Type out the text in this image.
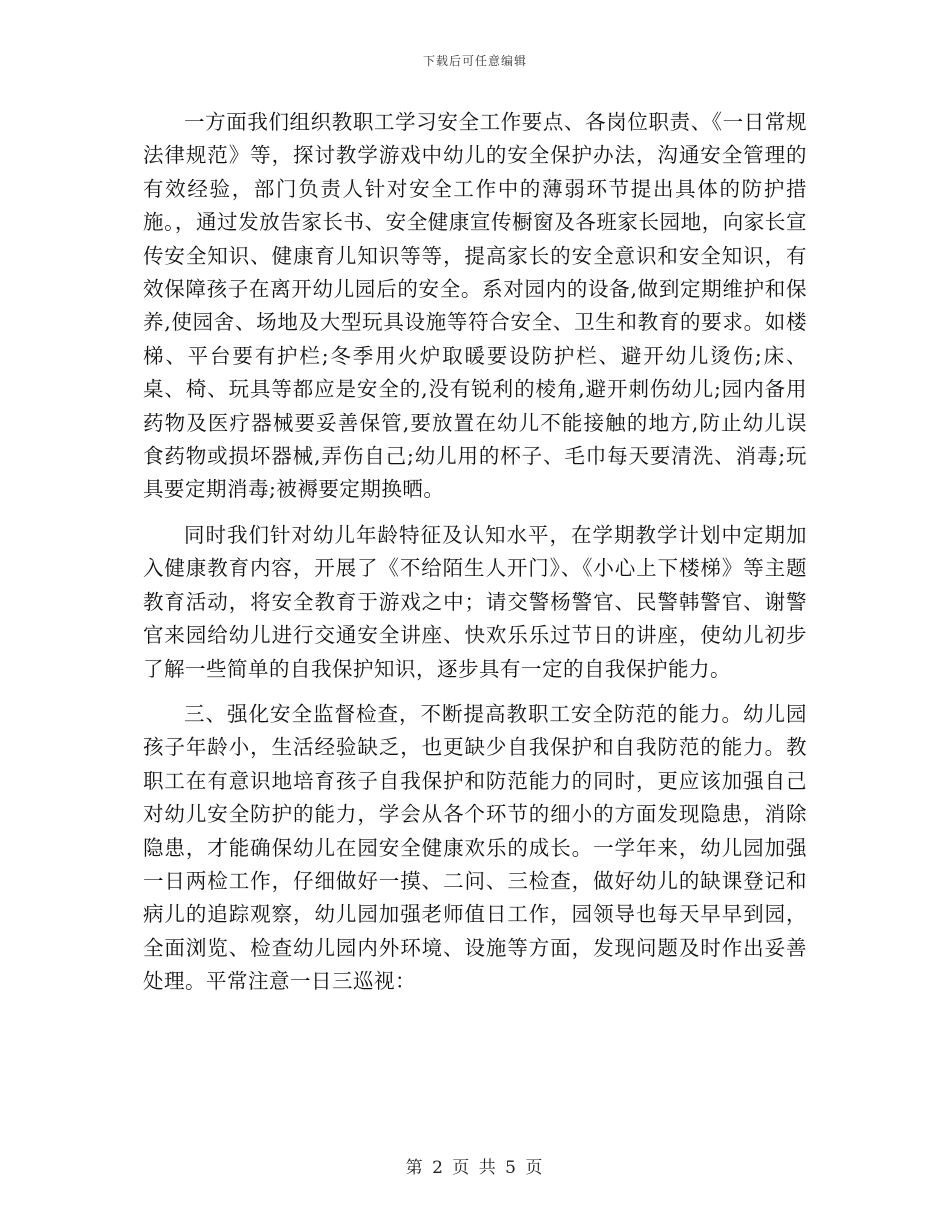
下载后可任意编辑

一方面我们组织教职工学习安全工作要点、各岗位职责、《一日常规法律规范》等，探讨教学游戏中幼儿的安全保护办法，沟通安全管理的有效经验，部门负责人针对安全工作中的薄弱环节提出具体的防护措施。，通过发放告家长书、安全健康宣传橱窗及各班家长园地，向家长宣传安全知识、健康育儿知识等等，提高家长的安全意识和安全知识，有效保障孩子在离开幼儿园后的安全。系对园内的设备,做到定期维护和保养,使园舍、场地及大型玩具设施等符合安全、卫生和教育的要求。如楼梯、平台要有护栏;冬季用火炉取暖要设防护栏、避开幼儿烫伤;床、桌、椅、玩具等都应是安全的,没有锐利的棱角,避开刺伤幼儿;园内备用药物及医疗器械要妥善保管,要放置在幼儿不能接触的地方,防止幼儿误食药物或损坏器械,弄伤自己;幼儿用的杯子、毛巾每天要清洗、消毒;玩具要定期消毒;被褥要定期换晒。

同时我们针对幼儿年龄特征及认知水平，在学期教学计划中定期加入健康教育内容，开展了《不给陌生人开门》、《小心上下楼梯》等主题教育活动，将安全教育于游戏之中；请交警杨警官、民警韩警官、谢警官来园给幼儿进行交通安全讲座、快欢乐乐过节日的讲座，使幼儿初步了解一些简单的自我保护知识，逐步具有一定的自我保护能力。

三、强化安全监督检查，不断提高教职工安全防范的能力。幼儿园孩子年龄小，生活经验缺乏，也更缺少自我保护和自我防范的能力。教职工在有意识地培育孩子自我保护和防范能力的同时，更应该加强自己对幼儿安全防护的能力，学会从各个环节的细小的方面发现隐患，消除隐患，才能确保幼儿在园安全健康欢乐的成长。一学年来，幼儿园加强一日两检工作，仔细做好一摸、二问、三检查，做好幼儿的缺课登记和病儿的追踪观察，幼儿园加强老师值日工作，园领导也每天早早到园，全面浏览、检查幼儿园内外环境、设施等方面，发现问题及时作出妥善处理。平常注意一日三巡视：

第 2 页 共 5 页
